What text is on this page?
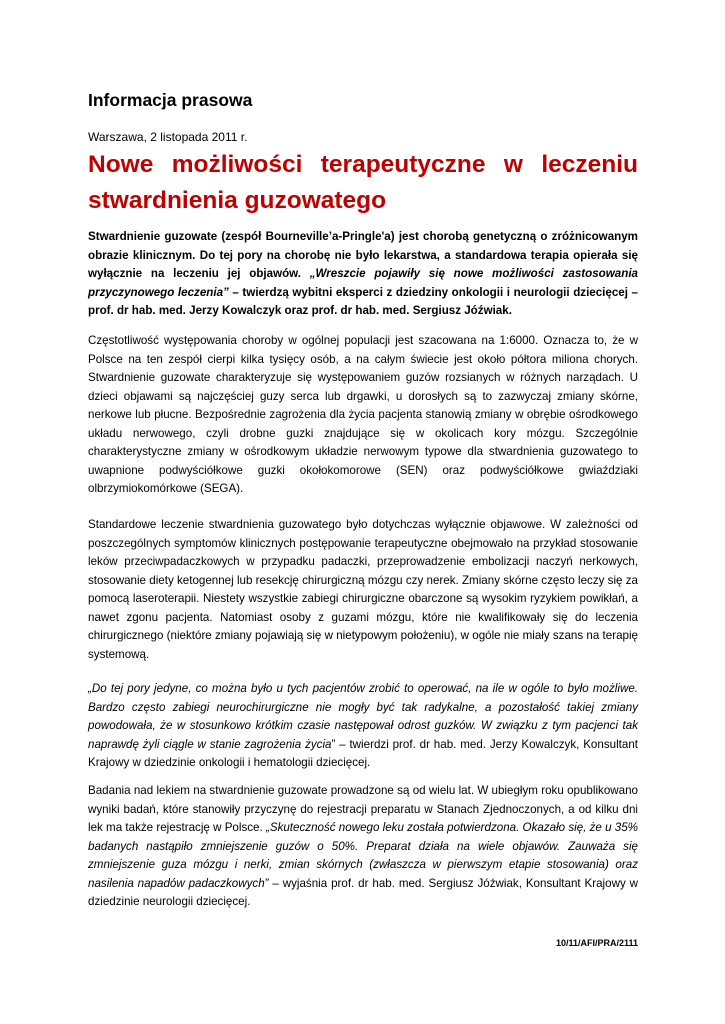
Informacja prasowa

Warszawa, 2 listopada 2011 r.

Nowe możliwości terapeutyczne w leczeniu stwardnienia guzowatego

Stwardnienie guzowate (zespół Bourneville’a-Pringle'a) jest chorobą genetyczną o zróżnicowanym obrazie klinicznym. Do tej pory na chorobę nie było lekarstwa, a standardowa terapia opierała się wyłącznie na leczeniu jej objawów. „Wreszcie pojawiły się nowe możliwości zastosowania przyczynowego leczenia” – twierdzą wybitni eksperci z dziedziny onkologii i neurologii dziecięcej – prof. dr hab. med. Jerzy Kowalczyk oraz prof. dr hab. med. Sergiusz Jóźwiak.

Częstotliwość występowania choroby w ogólnej populacji jest szacowana na 1:6000. Oznacza to, że w Polsce na ten zespół cierpi kilka tysięcy osób, a na całym świecie jest około półtora miliona chorych. Stwardnienie guzowate charakteryzuje się występowaniem guzów rozsianych w różnych narządach. U dzieci objawami są najczęściej guzy serca lub drgawki, u dorosłych są to zazwyczaj zmiany skórne, nerkowe lub płucne. Bezpośrednie zagrożenia dla życia pacjenta stanowią zmiany w obrębie ośrodkowego układu nerwowego, czyli drobne guzki znajdujące się w okolicach kory mózgu. Szczególnie charakterystyczne zmiany w ośrodkowym układzie nerwowym typowe dla stwardnienia guzowatego to uwapnione podwyściółkowe guzki okołokomorowe (SEN) oraz podwyściółkowe gwiaździaki olbrzymiokomórkowe (SEGA).

Standardowe leczenie stwardnienia guzowatego było dotychczas wyłącznie objawowe. W zależności od poszczególnych symptomów klinicznych postępowanie terapeutyczne obejmowało na przykład stosowanie leków przeciwpadaczkowych w przypadku padaczki, przeprowadzenie embolizacji naczyń nerkowych, stosowanie diety ketogennej lub resekcję chirurgiczną mózgu czy nerek. Zmiany skórne często leczy się za pomocą laseroterapii. Niestety wszystkie zabiegi chirurgiczne obarczone są wysokim ryzykiem powikłań, a nawet zgonu pacjenta. Natomiast osoby z guzami mózgu, które nie kwalifikowały się do leczenia chirurgicznego (niektóre zmiany pojawiają się w nietypowym położeniu), w ogóle nie miały szans na terapię systemową.

„Do tej pory jedyne, co można było u tych pacjentów zrobić to operować, na ile w ogóle to było możliwe. Bardzo często zabiegi neurochirurgiczne nie mogły być tak radykalne, a pozostałość takiej zmiany powodowała, że w stosunkowo krótkim czasie następował odrost guzków. W związku z tym pacjenci tak naprawdę żyli ciągle w stanie zagrożenia życia” – twierdzi prof. dr hab. med. Jerzy Kowalczyk, Konsultant Krajowy w dziedzinie onkologii i hematologii dziecięcej.

Badania nad lekiem na stwardnienie guzowate prowadzone są od wielu lat. W ubiegłym roku opublikowano wyniki badań, które stanowiły przyczynę do rejestracji preparatu w Stanach Zjednoczonych, a od kilku dni lek ma także rejestrację w Polsce. „Skuteczność nowego leku została potwierdzona. Okazało się, że u 35% badanych nastąpiło zmniejszenie guzów o 50%. Preparat działa na wiele objawów. Zauważa się zmniejszenie guza mózgu i nerki, zmian skórnych (zwłaszcza w pierwszym etapie stosowania) oraz nasilenia napadów padaczkowych” – wyjaśnia prof. dr hab. med. Sergiusz Jóźwiak, Konsultant Krajowy w dziedzinie neurologii dziecięcej.

10/11/AFI/PRA/2111
